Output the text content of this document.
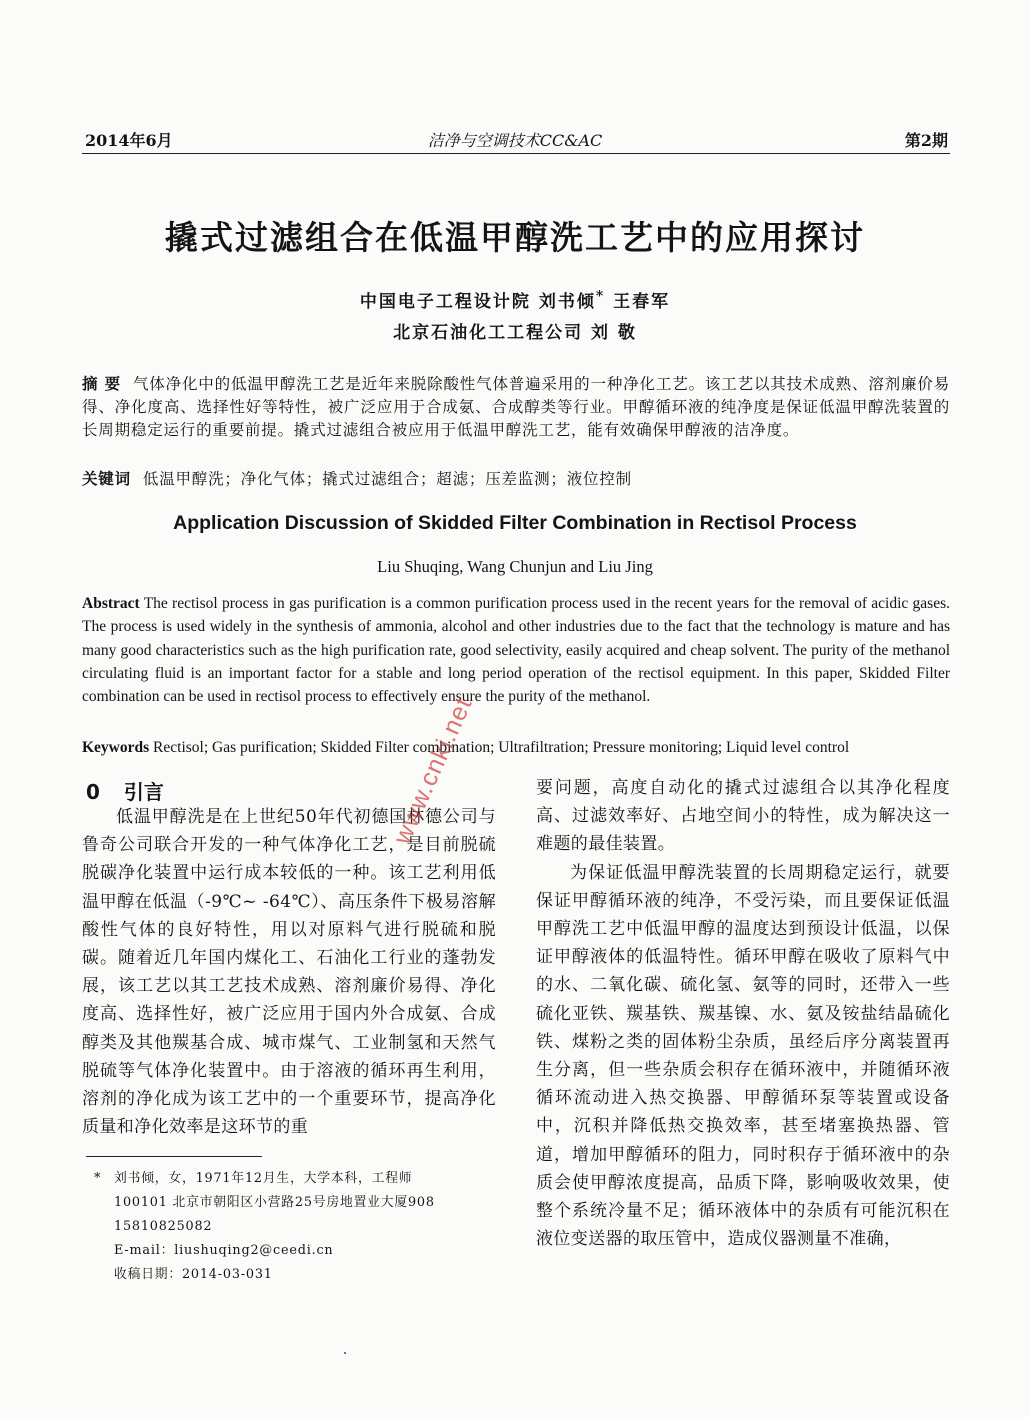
2014年6月	洁净与空调技术CC&AC	第2期
撬式过滤组合在低温甲醇洗工艺中的应用探讨
中国电子工程设计院 刘书倾* 王春军
北京石油化工工程公司 刘 敬
摘 要 气体净化中的低温甲醇洗工艺是近年来脱除酸性气体普遍采用的一种净化工艺。该工艺以其技术成熟、溶剂廉价易得、净化度高、选择性好等特性，被广泛应用于合成氨、合成醇类等行业。甲醇循环液的纯净度是保证低温甲醇洗装置的长周期稳定运行的重要前提。撬式过滤组合被应用于低温甲醇洗工艺，能有效确保甲醇液的洁净度。
关键词 低温甲醇洗；净化气体；撬式过滤组合；超滤；压差监测；液位控制
Application Discussion of Skidded Filter Combination in Rectisol Process
Liu Shuqing, Wang Chunjun and Liu Jing
Abstract The rectisol process in gas purification is a common purification process used in the recent years for the removal of acidic gases. The process is used widely in the synthesis of ammonia, alcohol and other industries due to the fact that the technology is mature and has many good characteristics such as the high purification rate, good selectivity, easily acquired and cheap solvent. The purity of the methanol circulating fluid is an important factor for a stable and long period operation of the rectisol equipment. In this paper, Skidded Filter combination can be used in rectisol process to effectively ensure the purity of the methanol.
Keywords Rectisol; Gas purification; Skidded Filter combination; Ultrafiltration; Pressure monitoring; Liquid level control
0 引言
低温甲醇洗是在上世纪50年代初德国林德公司与鲁奇公司联合开发的一种气体净化工艺，是目前脱硫脱碳净化装置中运行成本较低的一种。该工艺利用低温甲醇在低温（-9℃~ -64℃）、高压条件下极易溶解酸性气体的良好特性，用以对原料气进行脱硫和脱碳。随着近几年国内煤化工、石油化工行业的蓬勃发展，该工艺以其工艺技术成熟、溶剂廉价易得、净化度高、选择性好，被广泛应用于国内外合成氨、合成醇类及其他羰基合成、城市煤气、工业制氢和天然气脱硫等气体净化装置中。由于溶液的循环再生利用，溶剂的净化成为该工艺中的一个重要环节，提高净化质量和净化效率是这环节的重
要问题，高度自动化的撬式过滤组合以其净化程度高、过滤效率好、占地空间小的特性，成为解决这一难题的最佳装置。
为保证低温甲醇洗装置的长周期稳定运行，就要保证甲醇循环液的纯净，不受污染，而且要保证低温甲醇洗工艺中低温甲醇的温度达到预设计低温，以保证甲醇液体的低温特性。循环甲醇在吸收了原料气中的水、二氧化碳、硫化氢、氨等的同时，还带入一些硫化亚铁、羰基铁、羰基镍、水、氨及铵盐结晶硫化铁、煤粉之类的固体粉尘杂质，虽经后序分离装置再生分离，但一些杂质会积存在循环液中，并随循环液循环流动进入热交换器、甲醇循环泵等装置或设备中，沉积并降低热交换效率，甚至堵塞换热器、管道，增加甲醇循环的阻力，同时积存于循环液中的杂质会使甲醇浓度提高，品质下降，影响吸收效果，使整个系统冷量不足；循环液体中的杂质有可能沉积在液位变送器的取压管中，造成仪器测量不准确，
* 刘书倾，女，1971年12月生，大学本科，工程师
100101 北京市朝阳区小营路25号房地置业大厦908
15810825082
E-mail：liushuqing2@ceedi.cn
收稿日期：2014-03-031
www.cnki.net
